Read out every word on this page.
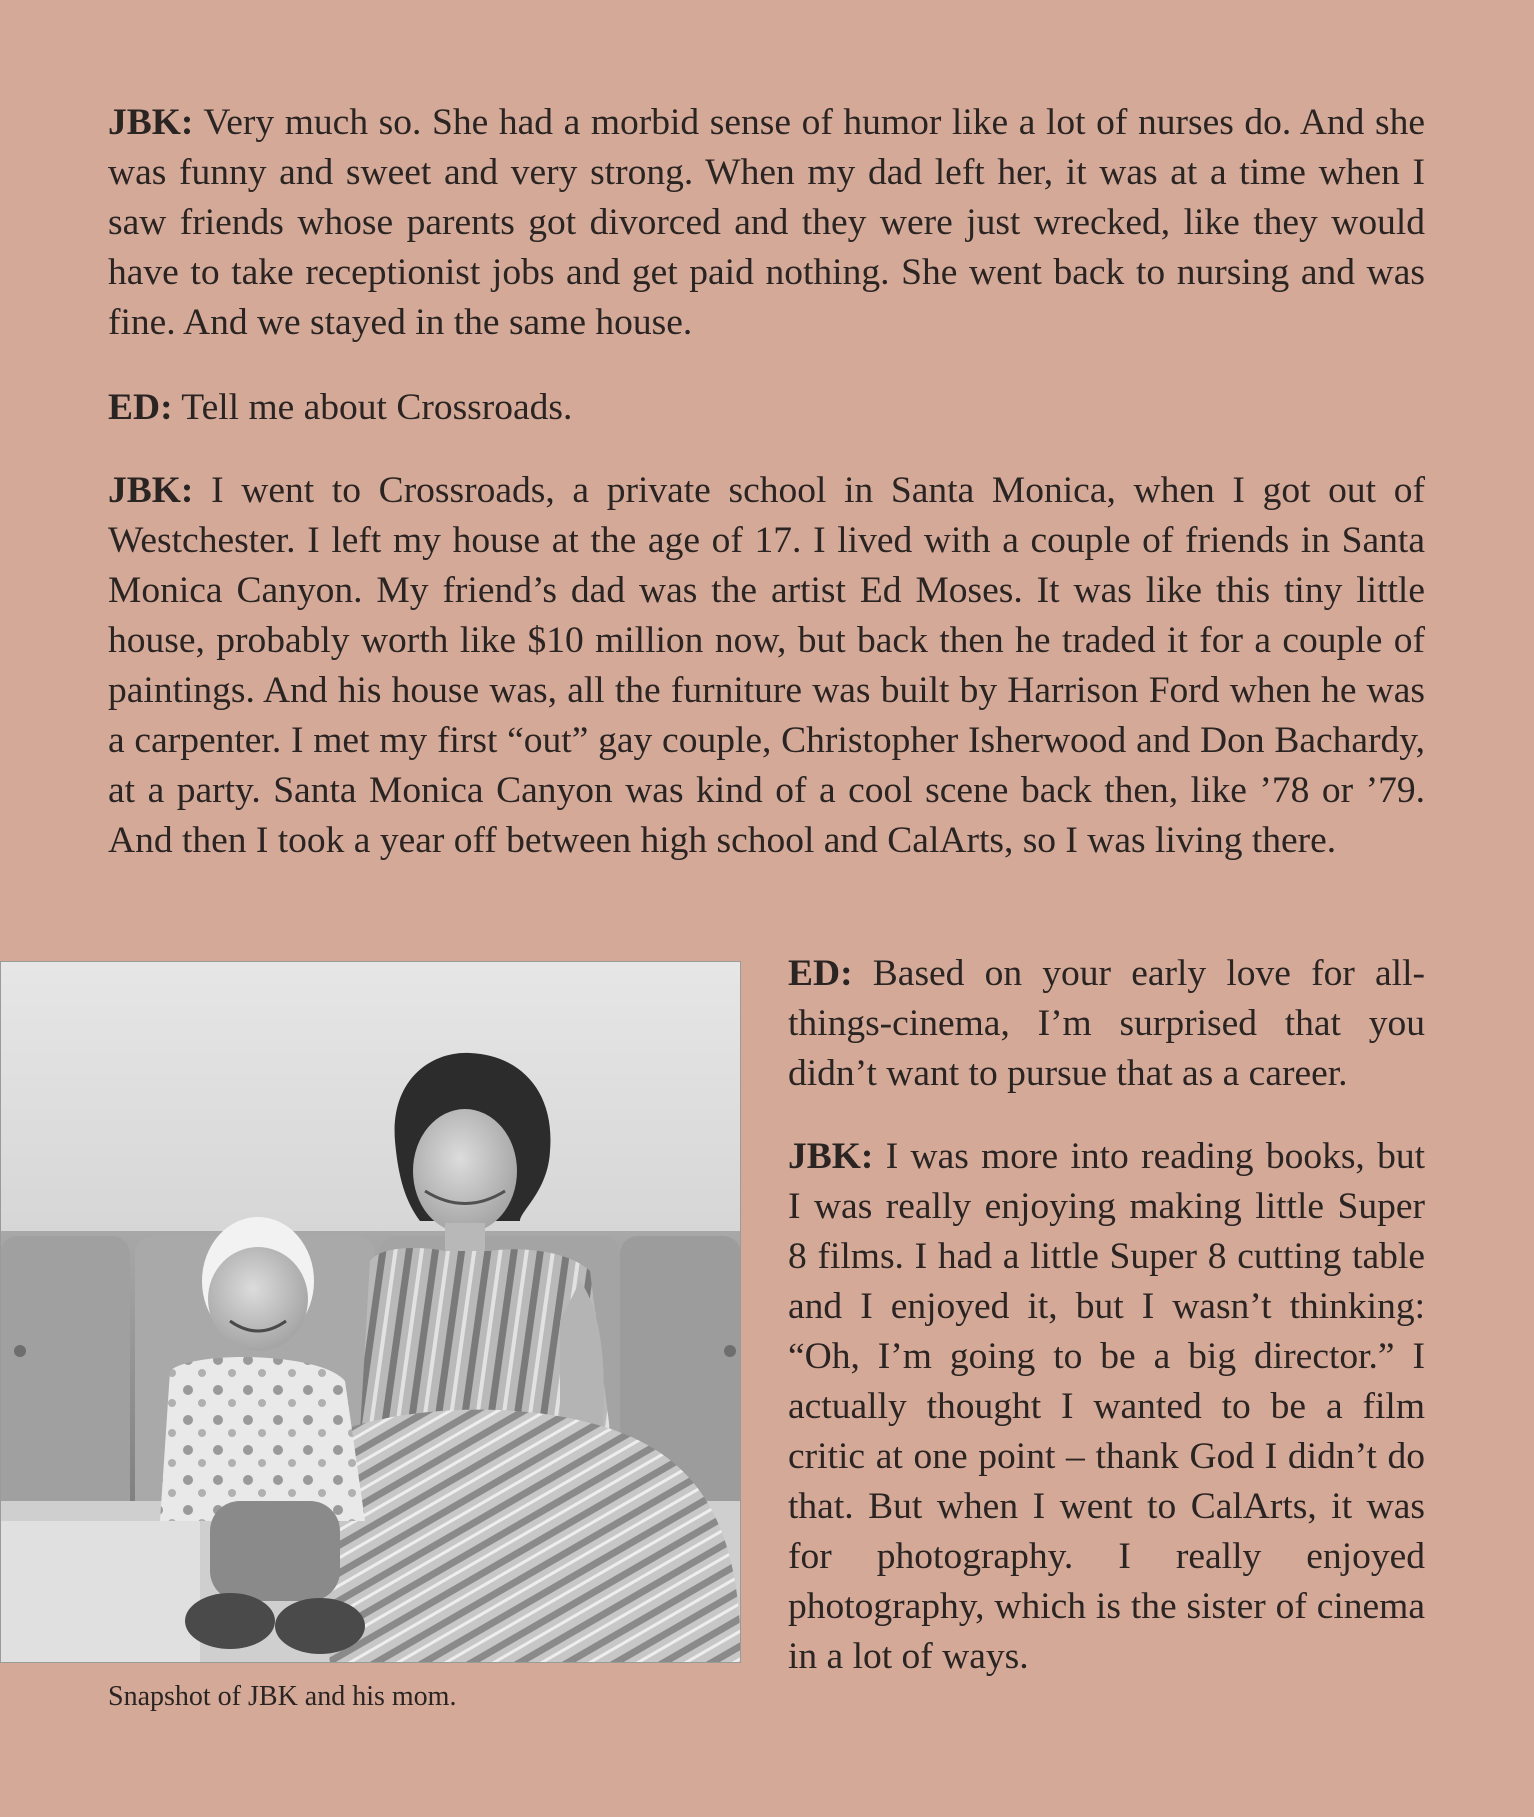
JBK: Very much so. She had a morbid sense of humor like a lot of nurses do. And she was funny and sweet and very strong. When my dad left her, it was at a time when I saw friends whose parents got divorced and they were just wrecked, like they would have to take receptionist jobs and get paid nothing. She went back to nursing and was fine. And we stayed in the same house.

ED: Tell me about Crossroads.

JBK: I went to Crossroads, a private school in Santa Monica, when I got out of Westchester. I left my house at the age of 17. I lived with a couple of friends in Santa Monica Canyon. My friend’s dad was the artist Ed Moses. It was like this tiny little house, probably worth like $10 million now, but back then he traded it for a couple of paintings. And his house was, all the furniture was built by Harrison Ford when he was a carpenter. I met my first “out” gay couple, Christopher Isherwood and Don Bachardy, at a party. Santa Monica Canyon was kind of a cool scene back then, like ’78 or ’79. And then I took a year off between high school and CalArts, so I was living there.

Snapshot of JBK and his mom.

ED: Based on your early love for all-things-cinema, I’m surprised that you didn’t want to pursue that as a career.

JBK: I was more into reading books, but I was really enjoying making little Super 8 films. I had a little Super 8 cutting table and I enjoyed it, but I wasn’t thinking: “Oh, I’m going to be a big director.” I actually thought I wanted to be a film critic at one point – thank God I didn’t do that. But when I went to CalArts, it was for photography. I really enjoyed photography, which is the sister of cinema in a lot of ways.
